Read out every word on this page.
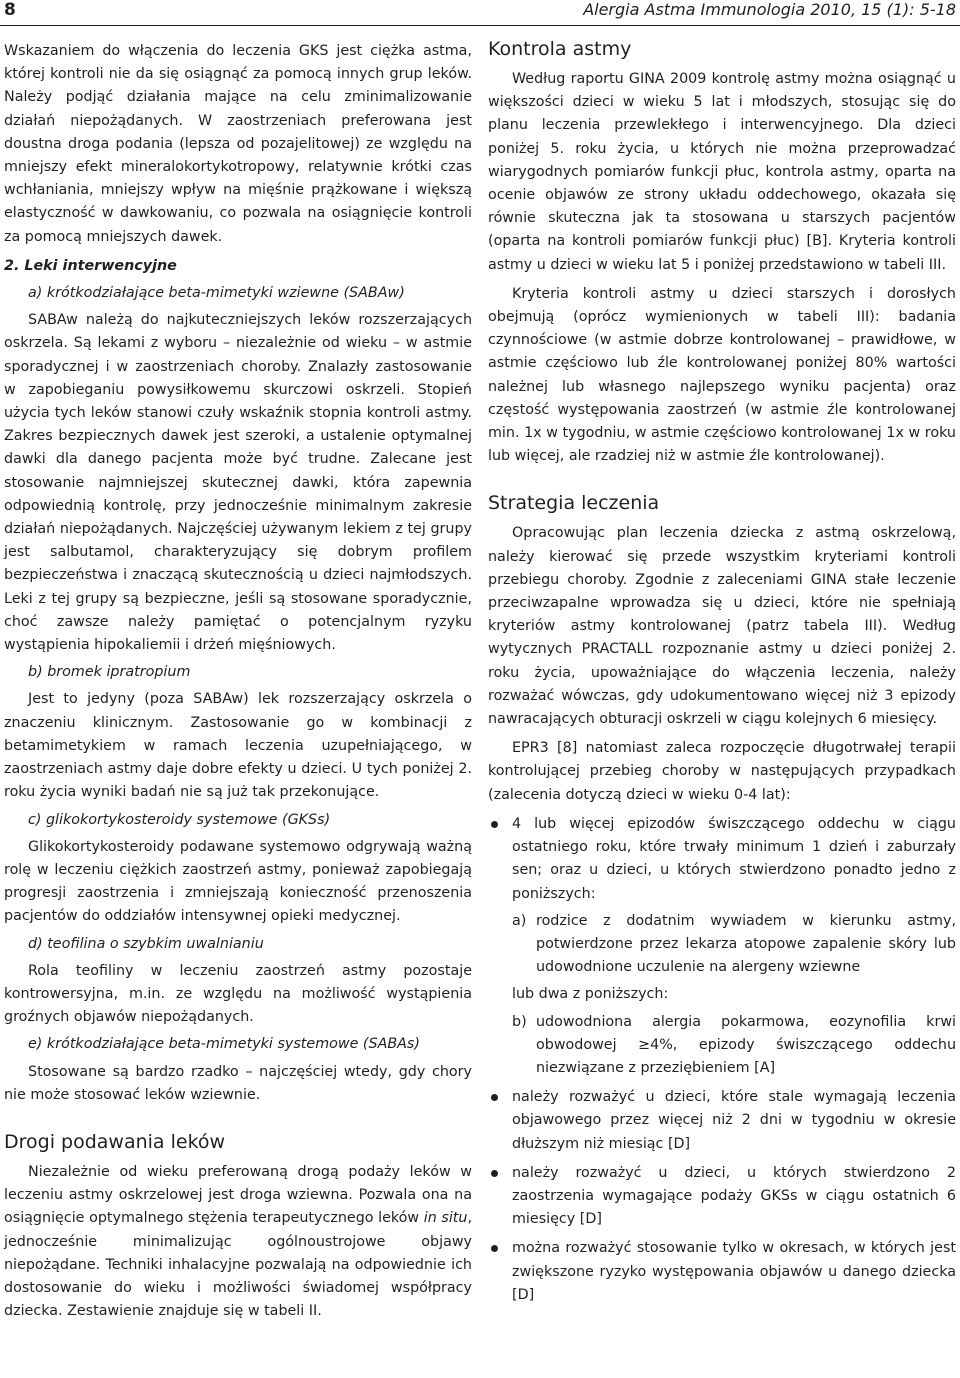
8	Alergia Astma Immunologia 2010, 15 (1): 5-18

Wskazaniem do włączenia do leczenia GKS jest ciężka astma, której kontroli nie da się osiągnąć za pomocą innych grup leków. Należy podjąć działania mające na celu zminimalizowanie działań niepożądanych. W zaostrzeniach preferowana jest doustna droga podania (lepsza od pozajelitowej) ze względu na mniejszy efekt mineralokortykotropowy, relatywnie krótki czas wchłaniania, mniejszy wpływ na mięśnie prążkowane i większą elastyczność w dawkowaniu, co pozwala na osiągnięcie kontroli za pomocą mniejszych dawek.

2. Leki interwencyjne

a) krótkodziałające beta-mimetyki wziewne (SABAw)

SABAw należą do najkuteczniejszych leków rozszerzających oskrzela. Są lekami z wyboru – niezależnie od wieku – w astmie sporadycznej i w zaostrzeniach choroby. Znalazły zastosowanie w zapobieganiu powysiłkowemu skurczowi oskrzeli. Stopień użycia tych leków stanowi czuły wskaźnik stopnia kontroli astmy. Zakres bezpiecznych dawek jest szeroki, a ustalenie optymalnej dawki dla danego pacjenta może być trudne. Zalecane jest stosowanie najmniejszej skutecznej dawki, która zapewnia odpowiednią kontrolę, przy jednocześnie minimalnym zakresie działań niepożądanych. Najczęściej używanym lekiem z tej grupy jest salbutamol, charakteryzujący się dobrym profilem bezpieczeństwa i znaczącą skutecznością u dzieci najmłodszych. Leki z tej grupy są bezpieczne, jeśli są stosowane sporadycznie, choć zawsze należy pamiętać o potencjalnym ryzyku wystąpienia hipokaliemii i drżeń mięśniowych.

b) bromek ipratropium

Jest to jedyny (poza SABAw) lek rozszerzający oskrzela o znaczeniu klinicznym. Zastosowanie go w kombinacji z betamimetykiem w ramach leczenia uzupełniającego, w zaostrzeniach astmy daje dobre efekty u dzieci. U tych poniżej 2. roku życia wyniki badań nie są już tak przekonujące.

c) glikokortykosteroidy systemowe (GKSs)

Glikokortykosteroidy podawane systemowo odgrywają ważną rolę w leczeniu ciężkich zaostrzeń astmy, ponieważ zapobiegają progresji zaostrzenia i zmniejszają konieczność przenoszenia pacjentów do oddziałów intensywnej opieki medycznej.

d) teofilina o szybkim uwalnianiu

Rola teofiliny w leczeniu zaostrzeń astmy pozostaje kontrowersyjna, m.in. ze względu na możliwość wystąpienia groźnych objawów niepożądanych.

e) krótkodziałające beta-mimetyki systemowe (SABAs)

Stosowane są bardzo rzadko – najczęściej wtedy, gdy chory nie może stosować leków wziewnie.

Drogi podawania leków

Niezależnie od wieku preferowaną drogą podaży leków w leczeniu astmy oskrzelowej jest droga wziewna. Pozwala ona na osiągnięcie optymalnego stężenia terapeutycznego leków in situ, jednocześnie minimalizując ogólnoustrojowe objawy niepożądane. Techniki inhalacyjne pozwalają na odpowiednie ich dostosowanie do wieku i możliwości świadomej współpracy dziecka. Zestawienie znajduje się w tabeli II.

Kontrola astmy

Według raportu GINA 2009 kontrolę astmy można osiągnąć u większości dzieci w wieku 5 lat i młodszych, stosując się do planu leczenia przewlekłego i interwencyjnego. Dla dzieci poniżej 5. roku życia, u których nie można przeprowadzać wiarygodnych pomiarów funkcji płuc, kontrola astmy, oparta na ocenie objawów ze strony układu oddechowego, okazała się równie skuteczna jak ta stosowana u starszych pacjentów (oparta na kontroli pomiarów funkcji płuc) [B]. Kryteria kontroli astmy u dzieci w wieku lat 5 i poniżej przedstawiono w tabeli III.

Kryteria kontroli astmy u dzieci starszych i dorosłych obejmują (oprócz wymienionych w tabeli III): badania czynnościowe (w astmie dobrze kontrolowanej – prawidłowe, w astmie częściowo lub źle kontrolowanej poniżej 80% wartości należnej lub własnego najlepszego wyniku pacjenta) oraz częstość występowania zaostrzeń (w astmie źle kontrolowanej min. 1x w tygodniu, w astmie częściowo kontrolowanej 1x w roku lub więcej, ale rzadziej niż w astmie źle kontrolowanej).

Strategia leczenia

Opracowując plan leczenia dziecka z astmą oskrzelową, należy kierować się przede wszystkim kryteriami kontroli przebiegu choroby. Zgodnie z zaleceniami GINA stałe leczenie przeciwzapalne wprowadza się u dzieci, które nie spełniają kryteriów astmy kontrolowanej (patrz tabela III). Według wytycznych PRACTALL rozpoznanie astmy u dzieci poniżej 2. roku życia, upoważniające do włączenia leczenia, należy rozważać wówczas, gdy udokumentowano więcej niż 3 epizody nawracających obturacji oskrzeli w ciągu kolejnych 6 miesięcy.

EPR3 [8] natomiast zaleca rozpoczęcie długotrwałej terapii kontrolującej przebieg choroby w następujących przypadkach (zalecenia dotyczą dzieci w wieku 0-4 lat):

4 lub więcej epizodów świszczącego oddechu w ciągu ostatniego roku, które trwały minimum 1 dzień i zaburzały sen; oraz u dzieci, u których stwierdzono ponadto jedno z poniższych:
a) rodzice z dodatnim wywiadem w kierunku astmy, potwierdzone przez lekarza atopowe zapalenie skóry lub udowodnione uczulenie na alergeny wziewne
lub dwa z poniższych:
b) udowodniona alergia pokarmowa, eozynofilia krwi obwodowej ≥4%, epizody świszczącego oddechu niezwiązane z przeziębieniem [A]
należy rozważyć u dzieci, które stale wymagają leczenia objawowego przez więcej niż 2 dni w tygodniu w okresie dłuższym niż miesiąc [D]
należy rozważyć u dzieci, u których stwierdzono 2 zaostrzenia wymagające podaży GKSs w ciągu ostatnich 6 miesięcy [D]
można rozważyć stosowanie tylko w okresach, w których jest zwiększone ryzyko występowania objawów u danego dziecka [D]
